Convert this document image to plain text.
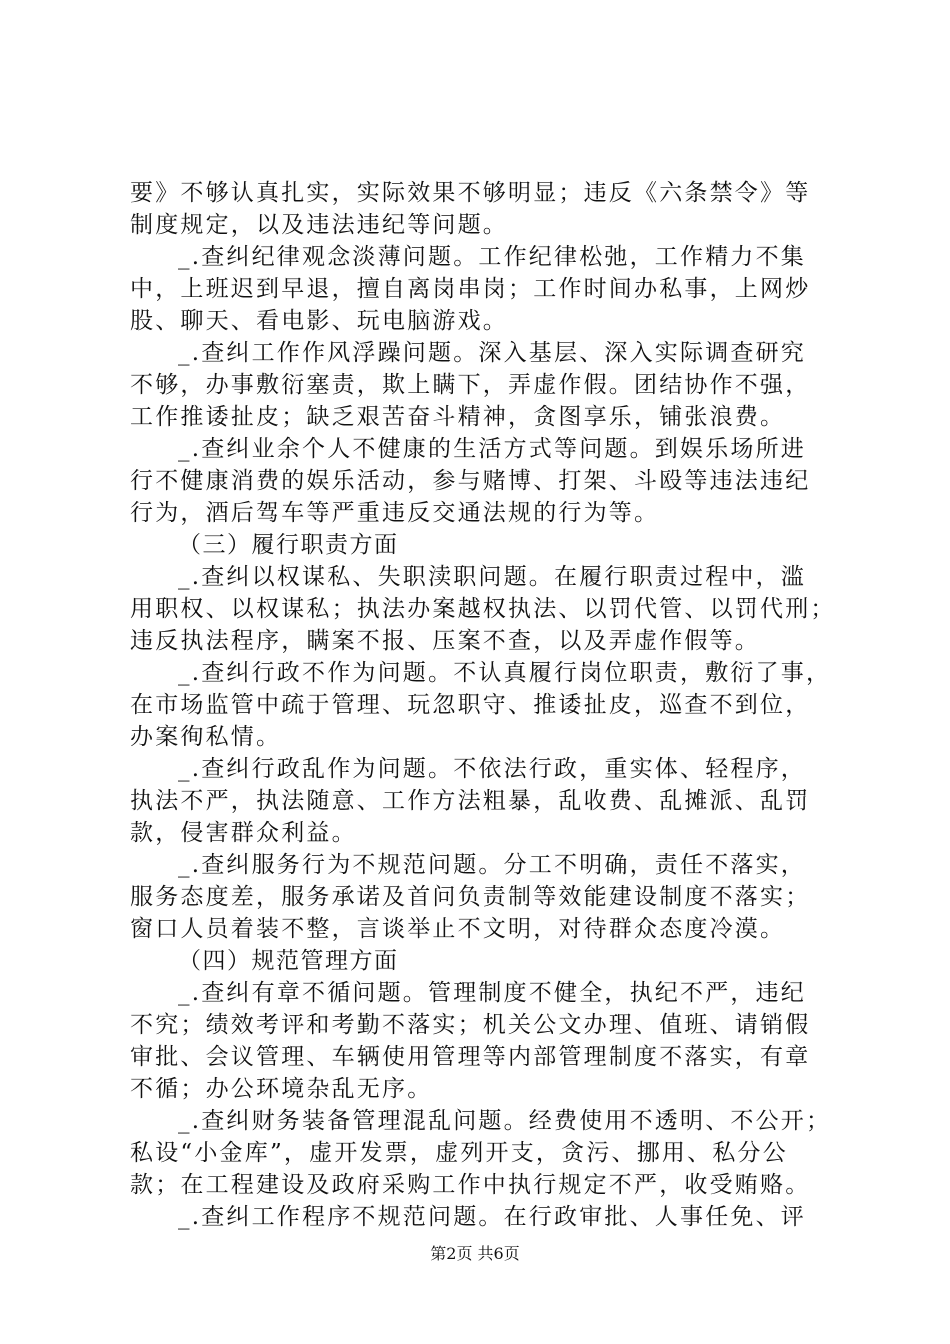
要》不够认真扎实，实际效果不够明显；违反《六条禁令》等
制度规定，以及违法违纪等问题。
_.查纠纪律观念淡薄问题。工作纪律松弛，工作精力不集
中，上班迟到早退，擅自离岗串岗；工作时间办私事，上网炒
股、聊天、看电影、玩电脑游戏。
_.查纠工作作风浮躁问题。深入基层、深入实际调查研究
不够，办事敷衍塞责，欺上瞒下，弄虚作假。团结协作不强，
工作推诿扯皮；缺乏艰苦奋斗精神，贪图享乐，铺张浪费。
_.查纠业余个人不健康的生活方式等问题。到娱乐场所进
行不健康消费的娱乐活动，参与赌博、打架、斗殴等违法违纪
行为，酒后驾车等严重违反交通法规的行为等。
（三）履行职责方面
_.查纠以权谋私、失职渎职问题。在履行职责过程中，滥
用职权、以权谋私；执法办案越权执法、以罚代管、以罚代刑；
违反执法程序，瞒案不报、压案不查，以及弄虚作假等。
_.查纠行政不作为问题。不认真履行岗位职责，敷衍了事，
在市场监管中疏于管理、玩忽职守、推诿扯皮，巡查不到位，
办案徇私情。
_.查纠行政乱作为问题。不依法行政，重实体、轻程序，
执法不严，执法随意、工作方法粗暴，乱收费、乱摊派、乱罚
款，侵害群众利益。
_.查纠服务行为不规范问题。分工不明确，责任不落实，
服务态度差，服务承诺及首问负责制等效能建设制度不落实；
窗口人员着装不整，言谈举止不文明，对待群众态度冷漠。
（四）规范管理方面
_.查纠有章不循问题。管理制度不健全，执纪不严，违纪
不究；绩效考评和考勤不落实；机关公文办理、值班、请销假
审批、会议管理、车辆使用管理等内部管理制度不落实，有章
不循；办公环境杂乱无序。
_.查纠财务装备管理混乱问题。经费使用不透明、不公开；
私设“小金库”，虚开发票，虚列开支，贪污、挪用、私分公
款；在工程建设及政府采购工作中执行规定不严，收受贿赂。
_.查纠工作程序不规范问题。在行政审批、人事任免、评
第2页 共6页
